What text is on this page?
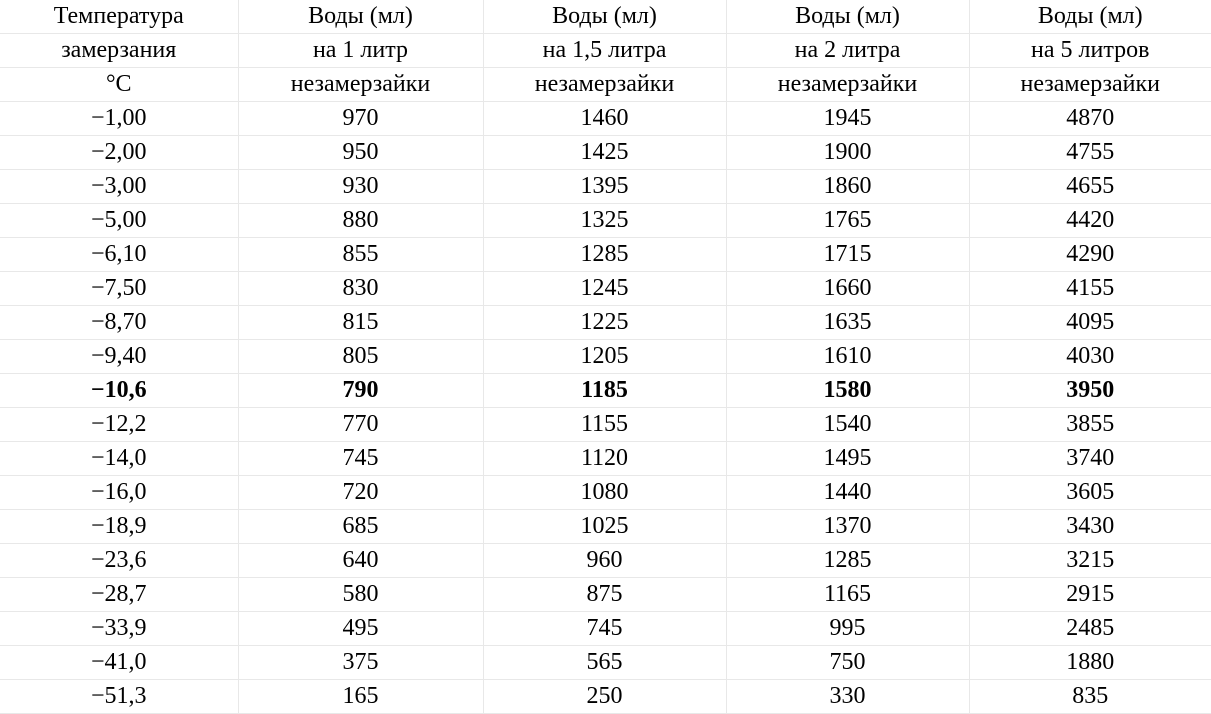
Температура	Воды (мл)	Воды (мл)	Воды (мл)	Воды (мл)
замерзания	на 1 литр	на 1,5 литра	на 2 литра	на 5 литров
°C	незамерзайки	незамерзайки	незамерзайки	незамерзайки
−1,00	970	1460	1945	4870
−2,00	950	1425	1900	4755
−3,00	930	1395	1860	4655
−5,00	880	1325	1765	4420
−6,10	855	1285	1715	4290
−7,50	830	1245	1660	4155
−8,70	815	1225	1635	4095
−9,40	805	1205	1610	4030
−10,6	790	1185	1580	3950
−12,2	770	1155	1540	3855
−14,0	745	1120	1495	3740
−16,0	720	1080	1440	3605
−18,9	685	1025	1370	3430
−23,6	640	960	1285	3215
−28,7	580	875	1165	2915
−33,9	495	745	995	2485
−41,0	375	565	750	1880
−51,3	165	250	330	835
